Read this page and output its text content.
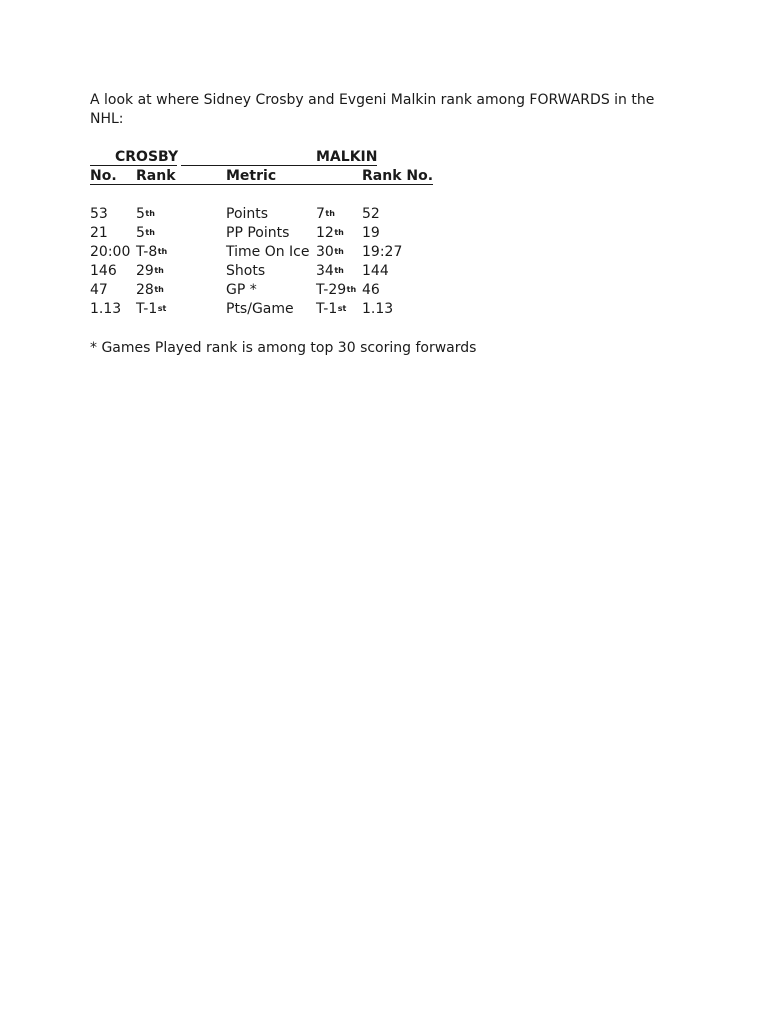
A look at where Sidney Crosby and Evgeni Malkin rank among FORWARDS in the NHL:

CROSBY	MALKIN
No. Rank	Metric	Rank No.
53 5th	Points	7th 52
21 5th	PP Points 12th 19
20:00 T-8th	Time On Ice 30th 19:27
146 29th	Shots	34th 144
47 28th	GP *	T-29th 46
1.13 T-1st	Pts/Game T-1st 1.13

* Games Played rank is among top 30 scoring forwards
